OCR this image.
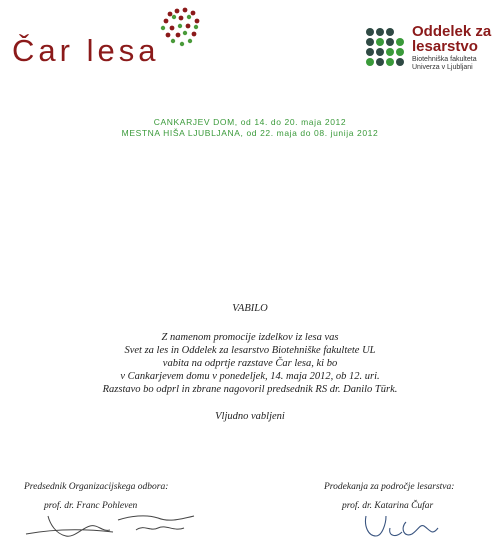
Čar lesa
Oddelek za
lesarstvo
Biotehniška fakulteta
Univerza v Ljubljani
CANKARJEV DOM, od 14. do 20. maja 2012
MESTNA HIŠA LJUBLJANA, od 22. maja do 08. junija 2012
VABILO
Z namenom promocije izdelkov iz lesa vas
Svet za les in Oddelek za lesarstvo Biotehniške fakultete UL
vabita na odprtje razstave Čar lesa, ki bo
v Cankarjevem domu v ponedeljek, 14. maja 2012, ob 12. uri.
Razstavo bo odprl in zbrane nagovoril predsednik RS dr. Danilo Türk.
Vljudno vabljeni
Predsednik Organizacijskega odbora:
prof. dr. Franc Pohleven
Prodekanja za področje lesarstva:
prof. dr. Katarina Čufar
